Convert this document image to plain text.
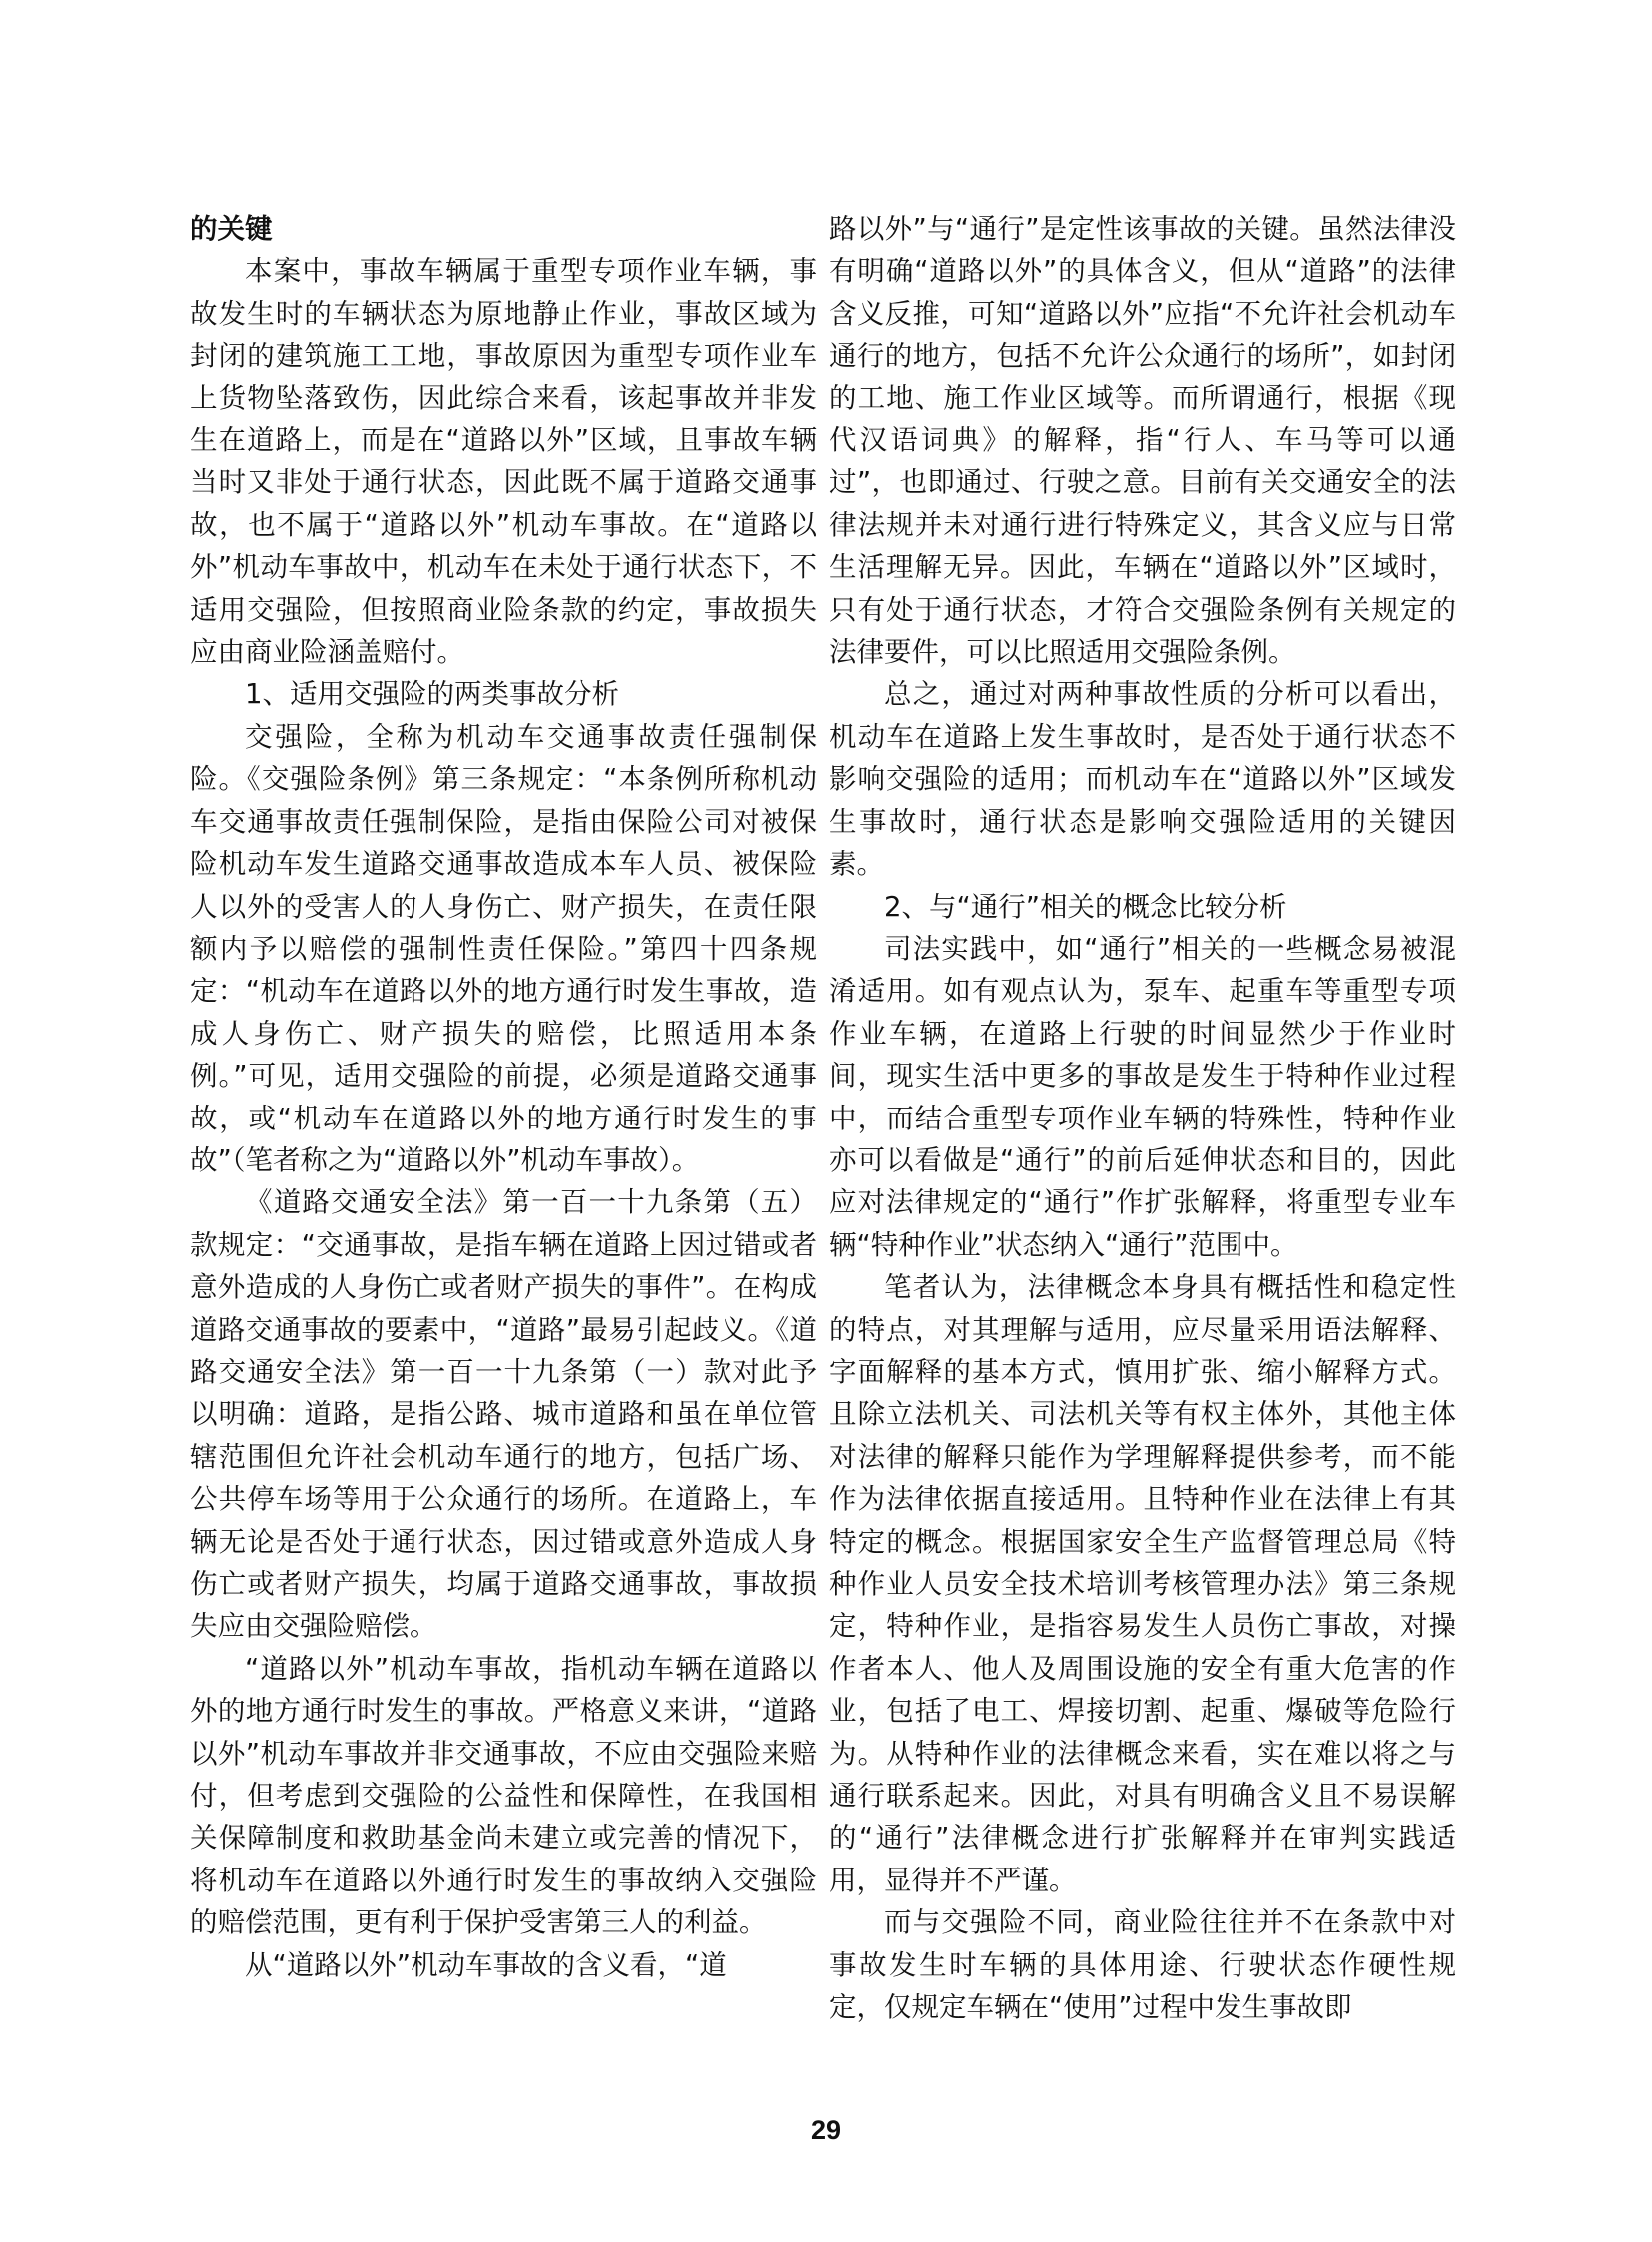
的关键

本案中，事故车辆属于重型专项作业车辆，事故发生时的车辆状态为原地静止作业，事故区域为封闭的建筑施工工地，事故原因为重型专项作业车上货物坠落致伤，因此综合来看，该起事故并非发生在道路上，而是在“道路以外”区域，且事故车辆当时又非处于通行状态，因此既不属于道路交通事故，也不属于“道路以外”机动车事故。在“道路以外”机动车事故中，机动车在未处于通行状态下，不适用交强险，但按照商业险条款的约定，事故损失应由商业险涵盖赔付。

1、适用交强险的两类事故分析

交强险，全称为机动车交通事故责任强制保险。《交强险条例》第三条规定：“本条例所称机动车交通事故责任强制保险，是指由保险公司对被保险机动车发生道路交通事故造成本车人员、被保险人以外的受害人的人身伤亡、财产损失，在责任限额内予以赔偿的强制性责任保险。”第四十四条规定：“机动车在道路以外的地方通行时发生事故，造成人身伤亡、财产损失的赔偿，比照适用本条例。”可见，适用交强险的前提，必须是道路交通事故，或“机动车在道路以外的地方通行时发生的事故”（笔者称之为“道路以外”机动车事故）。

《道路交通安全法》第一百一十九条第（五）款规定：“交通事故，是指车辆在道路上因过错或者意外造成的人身伤亡或者财产损失的事件”。在构成道路交通事故的要素中，“道路”最易引起歧义。《道路交通安全法》第一百一十九条第（一）款对此予以明确：道路，是指公路、城市道路和虽在单位管辖范围但允许社会机动车通行的地方，包括广场、公共停车场等用于公众通行的场所。在道路上，车辆无论是否处于通行状态，因过错或意外造成人身伤亡或者财产损失，均属于道路交通事故，事故损失应由交强险赔偿。

“道路以外”机动车事故，指机动车辆在道路以外的地方通行时发生的事故。严格意义来讲，“道路以外”机动车事故并非交通事故，不应由交强险来赔付，但考虑到交强险的公益性和保障性，在我国相关保障制度和救助基金尚未建立或完善的情况下，将机动车在道路以外通行时发生的事故纳入交强险的赔偿范围，更有利于保护受害第三人的利益。

从“道路以外”机动车事故的含义看，“道

路以外”与“通行”是定性该事故的关键。虽然法律没有明确“道路以外”的具体含义，但从“道路”的法律含义反推，可知“道路以外”应指“不允许社会机动车通行的地方，包括不允许公众通行的场所”，如封闭的工地、施工作业区域等。而所谓通行，根据《现代汉语词典》的解释，指“行人、车马等可以通过”，也即通过、行驶之意。目前有关交通安全的法律法规并未对通行进行特殊定义，其含义应与日常生活理解无异。因此，车辆在“道路以外”区域时，只有处于通行状态，才符合交强险条例有关规定的法律要件，可以比照适用交强险条例。

总之，通过对两种事故性质的分析可以看出，机动车在道路上发生事故时，是否处于通行状态不影响交强险的适用；而机动车在“道路以外”区域发生事故时，通行状态是影响交强险适用的关键因素。

2、与“通行”相关的概念比较分析

司法实践中，如“通行”相关的一些概念易被混淆适用。如有观点认为，泵车、起重车等重型专项作业车辆，在道路上行驶的时间显然少于作业时间，现实生活中更多的事故是发生于特种作业过程中，而结合重型专项作业车辆的特殊性，特种作业亦可以看做是“通行”的前后延伸状态和目的，因此应对法律规定的“通行”作扩张解释，将重型专业车辆“特种作业”状态纳入“通行”范围中。

笔者认为，法律概念本身具有概括性和稳定性的特点，对其理解与适用，应尽量采用语法解释、字面解释的基本方式，慎用扩张、缩小解释方式。且除立法机关、司法机关等有权主体外，其他主体对法律的解释只能作为学理解释提供参考，而不能作为法律依据直接适用。且特种作业在法律上有其特定的概念。根据国家安全生产监督管理总局《特种作业人员安全技术培训考核管理办法》第三条规定，特种作业，是指容易发生人员伤亡事故，对操作者本人、他人及周围设施的安全有重大危害的作业，包括了电工、焊接切割、起重、爆破等危险行为。从特种作业的法律概念来看，实在难以将之与通行联系起来。因此，对具有明确含义且不易误解的“通行”法律概念进行扩张解释并在审判实践适用，显得并不严谨。

而与交强险不同，商业险往往并不在条款中对事故发生时车辆的具体用途、行驶状态作硬性规定，仅规定车辆在“使用”过程中发生事故即

29
